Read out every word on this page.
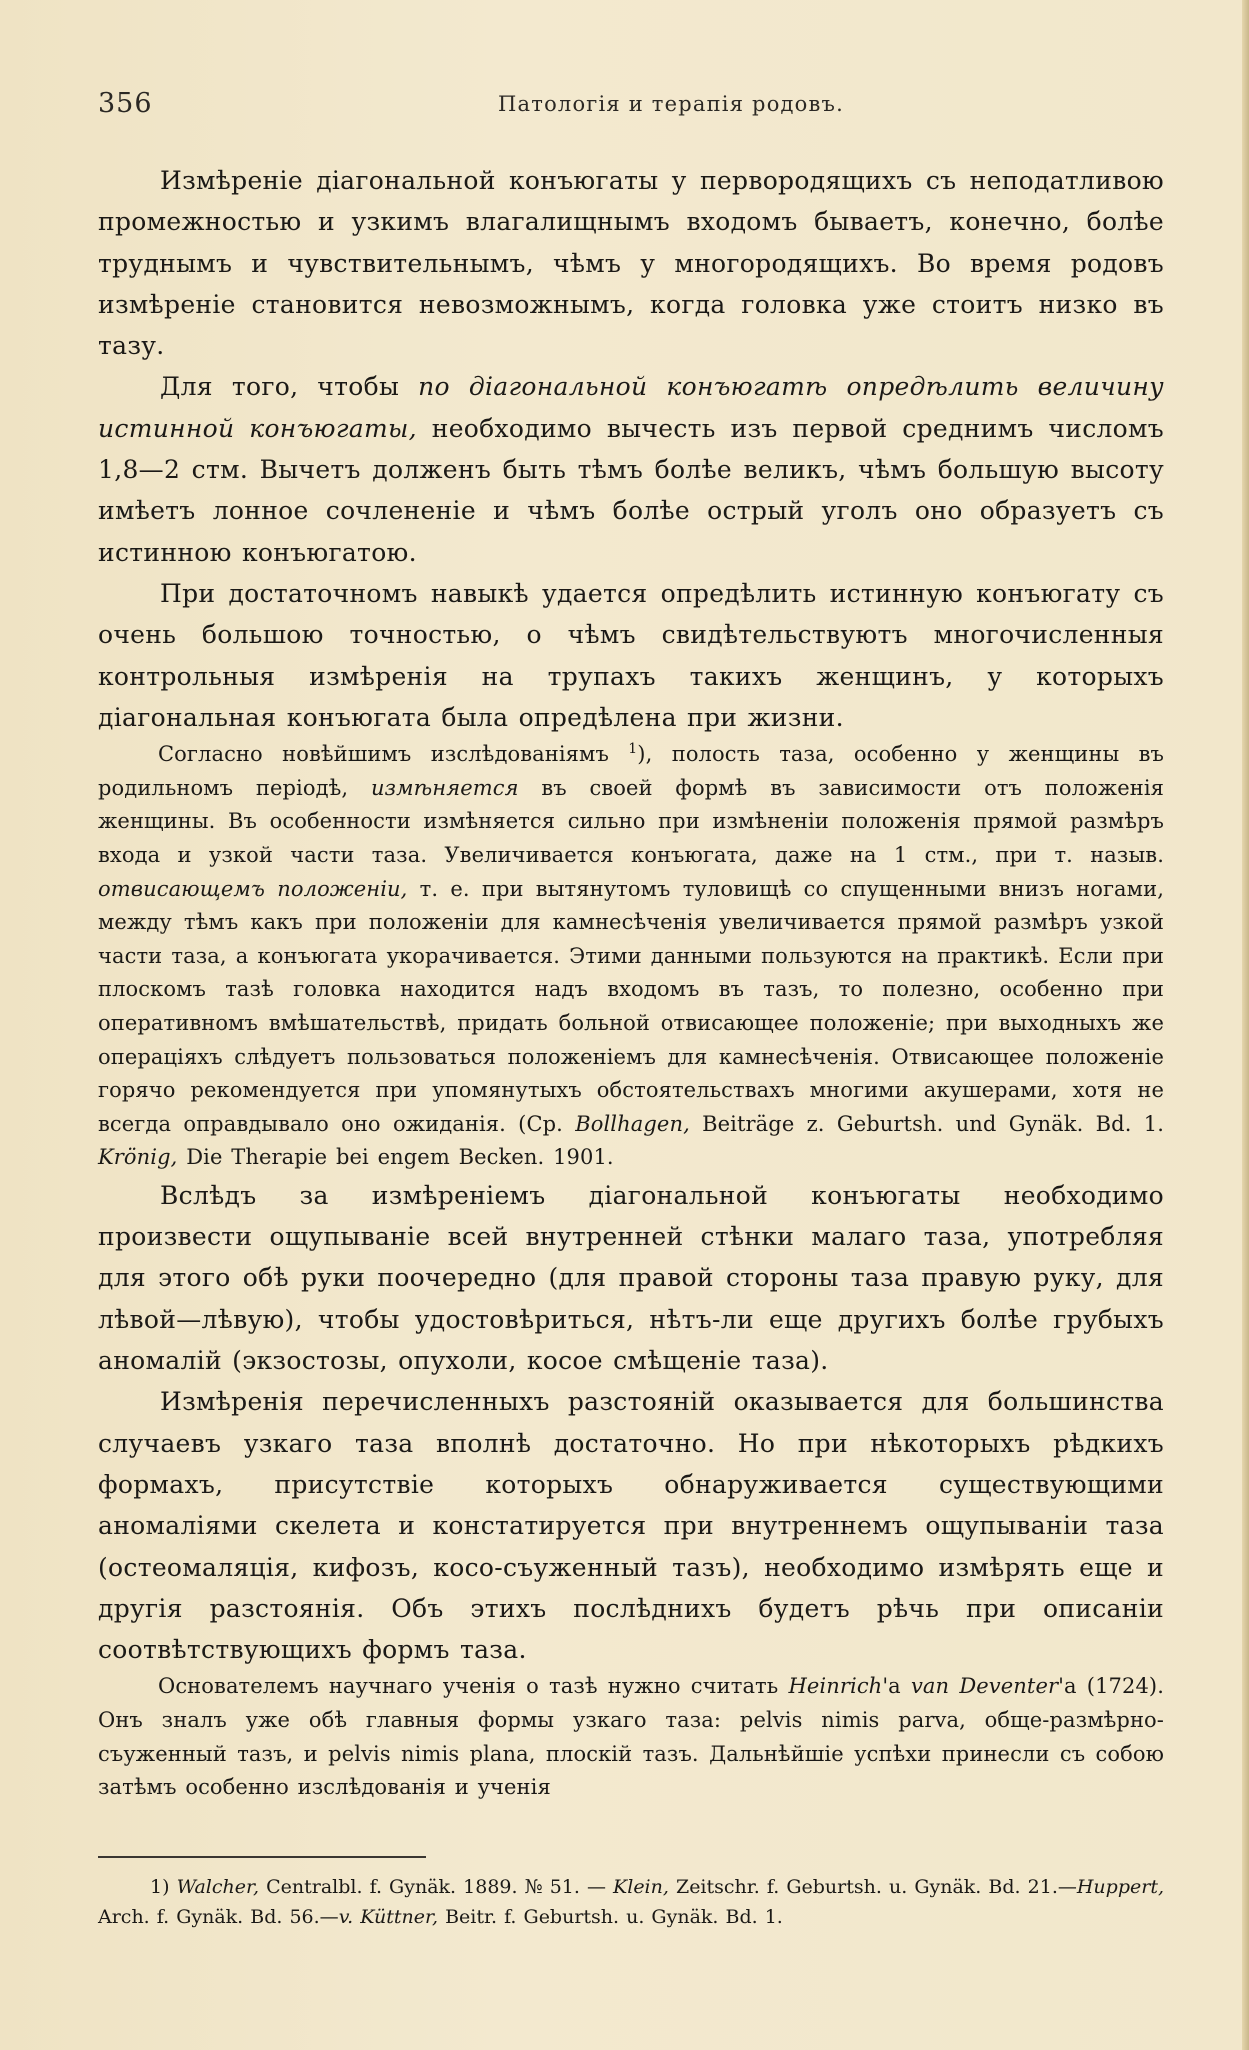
356	Патологія и терапія родовъ.

Измѣреніе діагональной конъюгаты у первородящихъ съ неподатливою промежностью и узкимъ влагалищнымъ входомъ бываетъ, конечно, болѣе труднымъ и чувствительнымъ, чѣмъ у многородящихъ. Во время родовъ измѣреніе становится невозможнымъ, когда головка уже стоитъ низко въ тазу.

Для того, чтобы по діагональной конъюгатѣ опредѣлить величину истинной конъюгаты, необходимо вычесть изъ первой среднимъ числомъ 1,8—2 стм. Вычетъ долженъ быть тѣмъ болѣе великъ, чѣмъ большую высоту имѣетъ лонное сочлененіе и чѣмъ болѣе острый уголъ оно образуетъ съ истинною конъюгатою.

При достаточномъ навыкѣ удается опредѣлить истинную конъюгату съ очень большою точностью, о чѣмъ свидѣтельствуютъ многочисленныя контрольныя измѣренія на трупахъ такихъ женщинъ, у которыхъ діагональная конъюгата была опредѣлена при жизни.

Согласно новѣйшимъ изслѣдованіямъ $^1$), полость таза, особенно у женщины въ родильномъ періодѣ, измѣняется въ своей формѣ въ зависимости отъ положенія женщины. Въ особенности измѣняется сильно при измѣненіи положенія прямой размѣръ входа и узкой части таза. Увеличивается конъюгата, даже на 1 стм., при т. назыв. отвисающемъ положеніи, т. е. при вытянутомъ туловищѣ со спущенными внизъ ногами, между тѣмъ какъ при положеніи для камнесѣченія увеличивается прямой размѣръ узкой части таза, а конъюгата укорачивается. Этими данными пользуются на практикѣ. Если при плоскомъ тазѣ головка находится надъ входомъ въ тазъ, то полезно, особенно при оперативномъ вмѣшательствѣ, придать больной отвисающее положеніе; при выходныхъ же операціяхъ слѣдуетъ пользоваться положеніемъ для камнесѣченія. Отвисающее положеніе горячо рекомендуется при упомянутыхъ обстоятельствахъ многими акушерами, хотя не всегда оправдывало оно ожиданія. (Ср. Bollhagen, Beiträge z. Geburtsh. und Gynäk. Bd. 1. Krönig, Die Therapie bei engem Becken. 1901.

Вслѣдъ за измѣреніемъ діагональной конъюгаты необходимо произвести ощупываніе всей внутренней стѣнки малаго таза, употребляя для этого обѣ руки поочередно (для правой стороны таза правую руку, для лѣвой—лѣвую), чтобы удостовѣриться, нѣтъ-ли еще другихъ болѣе грубыхъ аномалій (экзостозы, опухоли, косое смѣщеніе таза).

Измѣренія перечисленныхъ разстояній оказывается для большинства случаевъ узкаго таза вполнѣ достаточно. Но при нѣкоторыхъ рѣдкихъ формахъ, присутствіе которыхъ обнаруживается существующими аномаліями скелета и констатируется при внутреннемъ ощупываніи таза (остеомаляція, кифозъ, косо-съуженный тазъ), необходимо измѣрять еще и другія разстоянія. Объ этихъ послѣднихъ будетъ рѣчь при описаніи соотвѣтствующихъ формъ таза.

Основателемъ научнаго ученія о тазѣ нужно считать Heinrich'а van Deventer'а (1724). Онъ зналъ уже обѣ главныя формы узкаго таза: pelvis nimis parva, обще-размѣрно-съуженный тазъ, и pelvis nimis plana, плоскій тазъ. Дальнѣйшіе успѣхи принесли съ собою затѣмъ особенно изслѣдованія и ученія

1) Walcher, Centralbl. f. Gynäk. 1889. № 51. — Klein, Zeitschr. f. Geburtsh. u. Gynäk. Bd. 21.—Huppert, Arch. f. Gynäk. Bd. 56.—v. Küttner, Beitr. f. Geburtsh. u. Gynäk. Bd. 1.
